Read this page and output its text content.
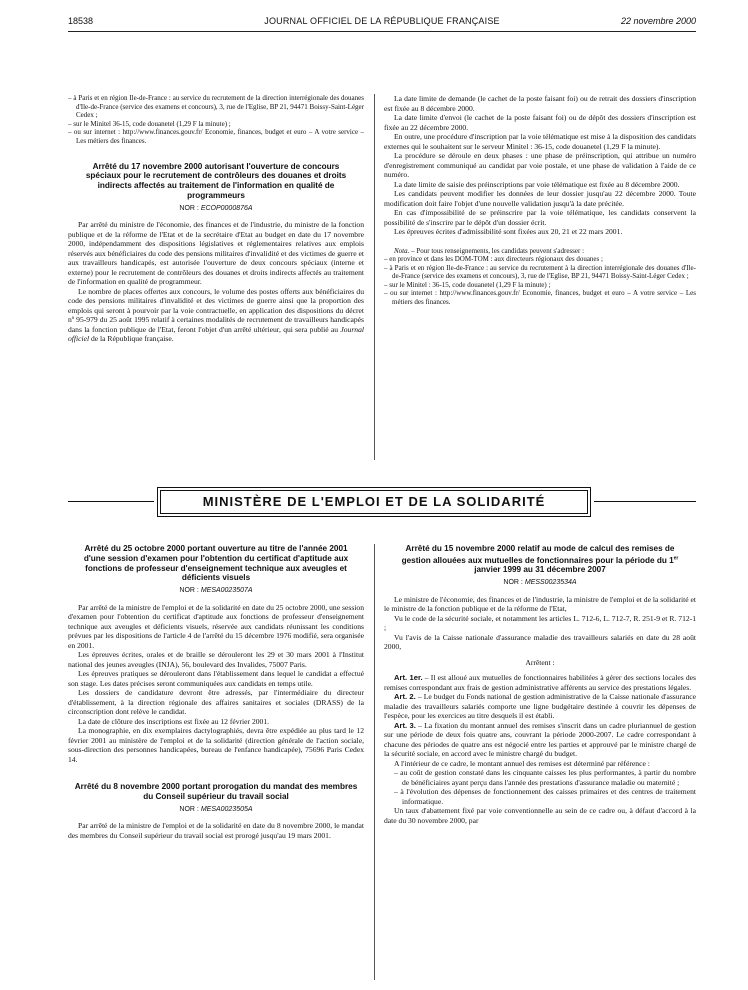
18538	JOURNAL OFFICIEL DE LA RÉPUBLIQUE FRANÇAISE	22 novembre 2000
– à Paris et en région Ile-de-France : au service du recrutement de la direction interrégionale des douanes d'Ile-de-France (service des examens et concours), 3, rue de l'Eglise, BP 21, 94471 Boissy-Saint-Léger Cedex ;
– sur le Minitel 36-15, code douanetel (1,29 F la minute) ;
– ou sur internet : http://www.finances.gouv.fr/ Economie, finances, budget et euro – A votre service – Les métiers des finances.
Arrêté du 17 novembre 2000 autorisant l'ouverture de concours spéciaux pour le recrutement de contrôleurs des douanes et droits indirects affectés au traitement de l'information en qualité de programmeurs
NOR : ECOP0000876A

Par arrêté du ministre de l'économie, des finances et de l'industrie, du ministre de la fonction publique et de la réforme de l'Etat et de la secrétaire d'Etat au budget en date du 17 novembre 2000, indépendamment des dispositions législatives et réglementaires relatives aux emplois réservés aux bénéficiaires du code des pensions militaires d'invalidité et des victimes de guerre et aux travailleurs handicapés, est autorisée l'ouverture de deux concours spéciaux (interne et externe) pour le recrutement de contrôleurs des douanes et droits indirects affectés au traitement de l'information en qualité de programmeur.

Le nombre de places offertes aux concours, le volume des postes offerts aux bénéficiaires du code des pensions militaires d'invalidité et des victimes de guerre ainsi que la proportion des emplois qui seront à pourvoir par la voie contractuelle, en application des dispositions du décret nº 95-979 du 25 août 1995 relatif à certaines modalités de recrutement de travailleurs handicapés dans la fonction publique de l'Etat, feront l'objet d'un arrêté ultérieur, qui sera publié au Journal officiel de la République française.

La date limite de demande (le cachet de la poste faisant foi) ou de retrait des dossiers d'inscription est fixée au 8 décembre 2000.

La date limite d'envoi (le cachet de la poste faisant foi) ou de dépôt des dossiers d'inscription est fixée au 22 décembre 2000.

En outre, une procédure d'inscription par la voie télématique est mise à la disposition des candidats externes qui le souhaitent sur le serveur Minitel : 36-15, code douanetel (1,29 F la minute).

La procédure se déroule en deux phases : une phase de préinscription, qui attribue un numéro d'enregistrement communiqué au candidat par voie postale, et une phase de validation à l'aide de ce numéro.

La date limite de saisie des préinscriptions par voie télématique est fixée au 8 décembre 2000.

Les candidats peuvent modifier les données de leur dossier jusqu'au 22 décembre 2000. Toute modification doit faire l'objet d'une nouvelle validation jusqu'à la date précitée.

En cas d'impossibilité de se préinscrire par la voie télématique, les candidats conservent la possibilité de s'inscrire par le dépôt d'un dossier écrit.

Les épreuves écrites d'admissibilité sont fixées aux 20, 21 et 22 mars 2001.

Nota. – Pour tous renseignements, les candidats peuvent s'adresser :

– en province et dans les DOM-TOM : aux directeurs régionaux des douanes ;
– à Paris et en région Ile-de-France : au service du recrutement à la direction interrégionale des douanes d'Ile-de-France (service des examens et concours), 3, rue de l'Eglise, BP 21, 94471 Boissy-Saint-Léger Cedex ;
– sur le Minitel : 36-15, code douanetel (1,29 F la minute) ;
– ou sur internet : http://www.finances.gouv.fr/ Economie, finances, budget et euro – A votre service – Les métiers des finances.
MINISTÈRE DE L'EMPLOI ET DE LA SOLIDARITÉ
Arrêté du 25 octobre 2000 portant ouverture au titre de l'année 2001 d'une session d'examen pour l'obtention du certificat d'aptitude aux fonctions de professeur d'enseignement technique aux aveugles et déficients visuels
NOR : MESA0023507A

Par arrêté de la ministre de l'emploi et de la solidarité en date du 25 octobre 2000, une session d'examen pour l'obtention du certificat d'aptitude aux fonctions de professeur d'enseignement technique aux aveugles et déficients visuels, réservée aux candidats réunissant les conditions prévues par les dispositions de l'article 4 de l'arrêté du 15 décembre 1976 modifié, sera organisée en 2001.

Les épreuves écrites, orales et de braille se dérouleront les 29 et 30 mars 2001 à l'Institut national des jeunes aveugles (INJA), 56, boulevard des Invalides, 75007 Paris.

Les épreuves pratiques se dérouleront dans l'établissement dans lequel le candidat a effectué son stage. Les dates précises seront communiquées aux candidats en temps utile.

Les dossiers de candidature devront être adressés, par l'intermédiaire du directeur d'établissement, à la direction régionale des affaires sanitaires et sociales (DRASS) de la circonscription dont relève le candidat.

La date de clôture des inscriptions est fixée au 12 février 2001.

La monographie, en dix exemplaires dactylographiés, devra être expédiée au plus tard le 12 février 2001 au ministère de l'emploi et de la solidarité (direction générale de l'action sociale, sous-direction des personnes handicapées, bureau de l'enfance handicapée), 75696 Paris Cedex 14.

Arrêté du 8 novembre 2000 portant prorogation du mandat des membres du Conseil supérieur du travail social
NOR : MESA0023505A

Par arrêté de la ministre de l'emploi et de la solidarité en date du 8 novembre 2000, le mandat des membres du Conseil supérieur du travail social est prorogé jusqu'au 19 mars 2001.

Arrêté du 15 novembre 2000 relatif au mode de calcul des remises de gestion allouées aux mutuelles de fonctionnaires pour la période du 1er janvier 1999 au 31 décembre 2007
NOR : MESS0023534A

Le ministre de l'économie, des finances et de l'industrie, la ministre de l'emploi et de la solidarité et le ministre de la fonction publique et de la réforme de l'Etat,

Vu le code de la sécurité sociale, et notamment les articles L. 712-6, L. 712-7, R. 251-9 et R. 712-1 ;

Vu l'avis de la Caisse nationale d'assurance maladie des travailleurs salariés en date du 28 août 2000,

Arrêtent :

Art. 1er. – Il est alloué aux mutuelles de fonctionnaires habilitées à gérer des sections locales des remises correspondant aux frais de gestion administrative afférents au service des prestations légales.

Art. 2. – Le budget du Fonds national de gestion administrative de la Caisse nationale d'assurance maladie des travailleurs salariés comporte une ligne budgétaire destinée à couvrir les dépenses de l'espèce, pour les exercices au titre desquels il est établi.

Art. 3. – La fixation du montant annuel des remises s'inscrit dans un cadre pluriannuel de gestion sur une période de deux fois quatre ans, couvrant la période 2000-2007. Le cadre correspondant à chacune des périodes de quatre ans est négocié entre les parties et approuvé par le ministre chargé de la sécurité sociale, en accord avec le ministre chargé du budget.

A l'intérieur de ce cadre, le montant annuel des remises est déterminé par référence :

– au coût de gestion constaté dans les cinquante caisses les plus performantes, à partir du nombre de bénéficiaires ayant perçu dans l'année des prestations d'assurance maladie ou maternité ;
– à l'évolution des dépenses de fonctionnement des caisses primaires et des centres de traitement informatique.

Un taux d'abattement fixé par voie conventionnelle au sein de ce cadre ou, à défaut d'accord à la date du 30 novembre 2000, par
